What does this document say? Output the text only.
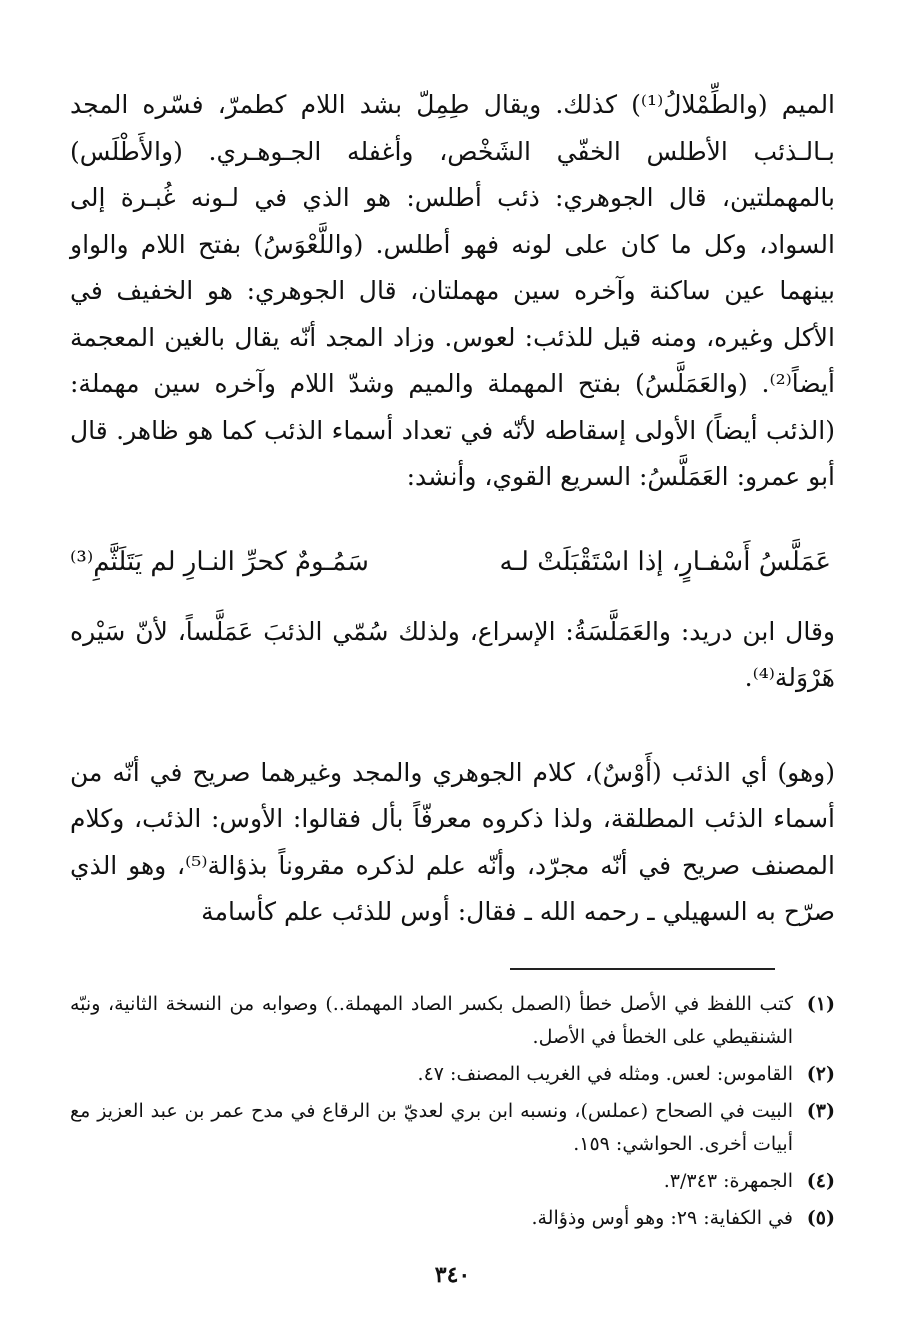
الميم (والطِّمْلالُ⁽¹⁾) كذلك. ويقال طِمِلّ بشد اللام كطمرّ، فسّره المجد بـالـذئب الأطلس الخفّي الشَخْص، وأغفله الجـوهـري. (والأَطْلَس) بالمهملتين، قال الجوهري: ذئب أطلس: هو الذي في لـونه غُبـرة إلى السواد، وكل ما كان على لونه فهو أطلس. (واللَّعْوَسُ) بفتح اللام والواو بينهما عين ساكنة وآخره سين مهملتان، قال الجوهري: هو الخفيف في الأكل وغيره، ومنه قيل للذئب: لعوس. وزاد المجد أنّه يقال بالغين المعجمة أيضاً⁽²⁾. (والعَمَلَّسُ) بفتح المهملة والميم وشدّ اللام وآخره سين مهملة: (الذئب أيضاً) الأولى إسقاطه لأنّه في تعداد أسماء الذئب كما هو ظاهر. قال أبو عمرو: العَمَلَّسُ: السريع القوي، وأنشد:

عَمَلَّسُ أَسْفـارٍ، إذا اسْتَقْبَلَتْ لـه
سَمُـومٌ كحرِّ النـارِ لم يَتَلَثَّمِ⁽³⁾

وقال ابن دريد: والعَمَلَّسَةُ: الإسراع، ولذلك سُمّي الذئبَ عَمَلَّساً، لأنّ سَيْره هَرْوَلة⁽⁴⁾.

(وهو) أي الذئب (أَوْسٌ)، كلام الجوهري والمجد وغيرهما صريح في أنّه من أسماء الذئب المطلقة، ولذا ذكروه معرفّاً بأل فقالوا: الأوس: الذئب، وكلام المصنف صريح في أنّه مجرّد، وأنّه علم لذكره مقروناً بذؤالة⁽⁵⁾، وهو الذي صرّح به السهيلي ـ رحمه الله ـ فقال: أوس للذئب علم كأسامة

(١)
كتب اللفظ في الأصل خطأ (الصمل بكسر الصاد المهملة..) وصوابه من النسخة الثانية، ونبّه الشنقيطي على الخطأ في الأصل.
(٢)
القاموس: لعس. ومثله في الغريب المصنف: ٤٧.
(٣)
البيت في الصحاح (عملس)، ونسبه ابن بري لعديّ بن الرقاع في مدح عمر بن عبد العزيز مع أبيات أخرى. الحواشي: ١٥٩.
(٤)
الجمهرة: ٣/٣٤٣.
(٥)
في الكفاية: ٢٩: وهو أوس وذؤالة.
٣٤٠
